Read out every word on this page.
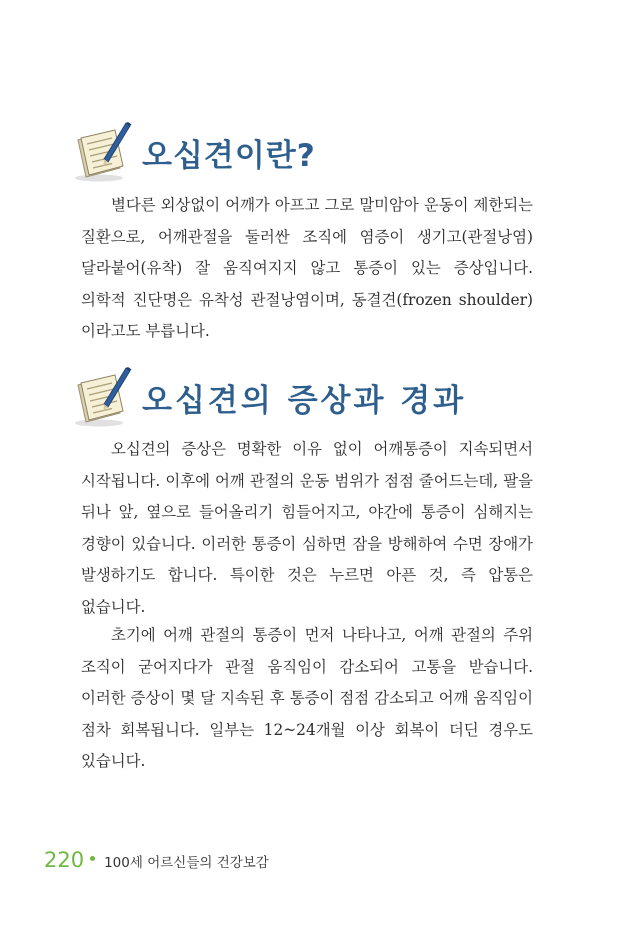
오십견이란?

별다른 외상없이 어깨가 아프고 그로 말미암아 운동이 제한되는 질환으로, 어깨관절을 둘러싼 조직에 염증이 생기고(관절낭염) 달라붙어(유착) 잘 움직여지지 않고 통증이 있는 증상입니다. 의학적 진단명은 유착성 관절낭염이며, 동결견(frozen shoulder)이라고도 부릅니다.

오십견의 증상과 경과

오십견의 증상은 명확한 이유 없이 어깨통증이 지속되면서 시작됩니다. 이후에 어깨 관절의 운동 범위가 점점 줄어드는데, 팔을 뒤나 앞, 옆으로 들어올리기 힘들어지고, 야간에 통증이 심해지는 경향이 있습니다. 이러한 통증이 심하면 잠을 방해하여 수면 장애가 발생하기도 합니다. 특이한 것은 누르면 아픈 것, 즉 압통은 없습니다.

초기에 어깨 관절의 통증이 먼저 나타나고, 어깨 관절의 주위 조직이 굳어지다가 관절 움직임이 감소되어 고통을 받습니다. 이러한 증상이 몇 달 지속된 후 통증이 점점 감소되고 어깨 움직임이 점차 회복됩니다. 일부는 12~24개월 이상 회복이 더딘 경우도 있습니다.

220 100세 어르신들의 건강보감
